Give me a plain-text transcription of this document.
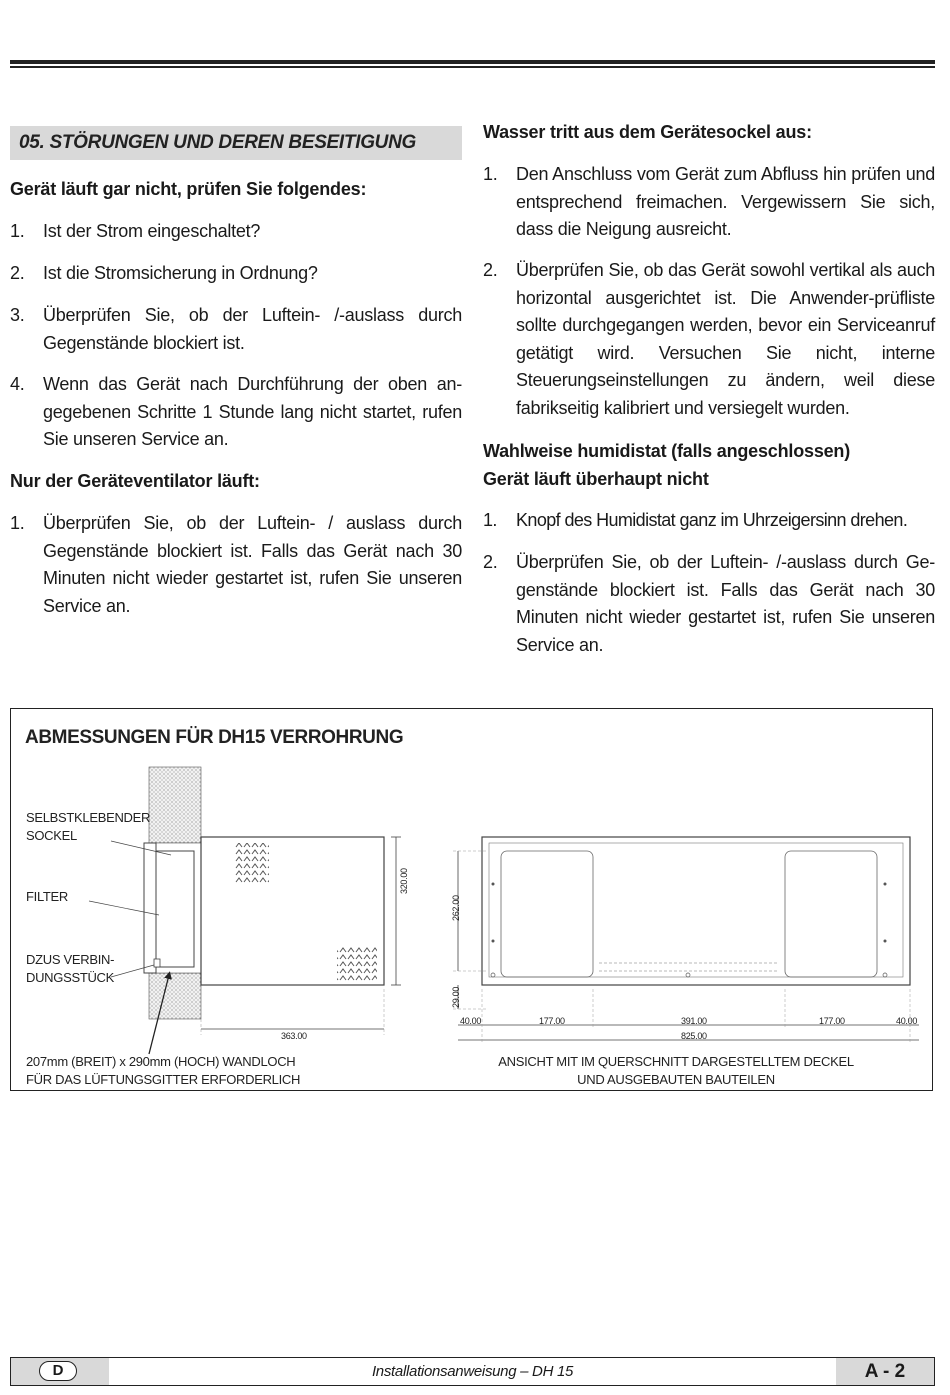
05. STÖRUNGEN UND DEREN BESEITIGUNG
Gerät läuft gar nicht, prüfen Sie folgendes:
1. Ist der Strom eingeschaltet?
2. Ist die Stromsicherung in Ordnung?
3. Überprüfen Sie, ob der Luftein- /-auslass durch Gegenstände blockiert ist.
4. Wenn das Gerät nach Durchführung der oben an-gegebenen Schritte 1 Stunde lang nicht startet, rufen Sie unseren Service an.
Nur der Geräteventilator läuft:
1. Überprüfen Sie, ob der Luftein- / auslass durch Gegenstände blockiert ist. Falls das Gerät nach 30 Minuten nicht wieder gestartet ist, rufen Sie unseren Service an.
Wasser tritt aus dem Gerätesockel aus:
1. Den Anschluss vom Gerät zum Abfluss hin prüfen und entsprechend freimachen. Vergewissern Sie sich, dass die Neigung ausreicht.
2. Überprüfen Sie, ob das Gerät sowohl vertikal als auch horizontal ausgerichtet ist. Die Anwender-prüfliste sollte durchgegangen werden, bevor ein Serviceanruf getätigt wird. Versuchen Sie nicht, interne Steuerungseinstellungen zu ändern, weil diese fabrikseitig kalibriert und versiegelt wurden.
Wahlweise humidistat (falls angeschlossen)
Gerät läuft überhaupt nicht
1. Knopf des Humidistat ganz im Uhrzeigersinn drehen.
2. Überprüfen Sie, ob der Luftein- /-auslass durch Ge-genstände blockiert ist. Falls das Gerät nach 30 Minuten nicht wieder gestartet ist, rufen Sie unseren Service an.
ABMESSUNGEN FÜR DH15 VERROHRUNG
SELBSTKLEBENDER
SOCKEL
FILTER
DZUS VERBIN-
DUNGSSTÜCK
320.00
363.00
262.00
29.00
40.00	177.00	391.00	177.00	40.00
825.00
207mm (BREIT) x 290mm (HOCH) WANDLOCH
FÜR DAS LÜFTUNGSGITTER ERFORDERLICH
ANSICHT MIT IM QUERSCHNITT DARGESTELLTEM DECKEL
UND AUSGEBAUTEN BAUTEILEN
D	Installationsanweisung – DH 15	A - 2
